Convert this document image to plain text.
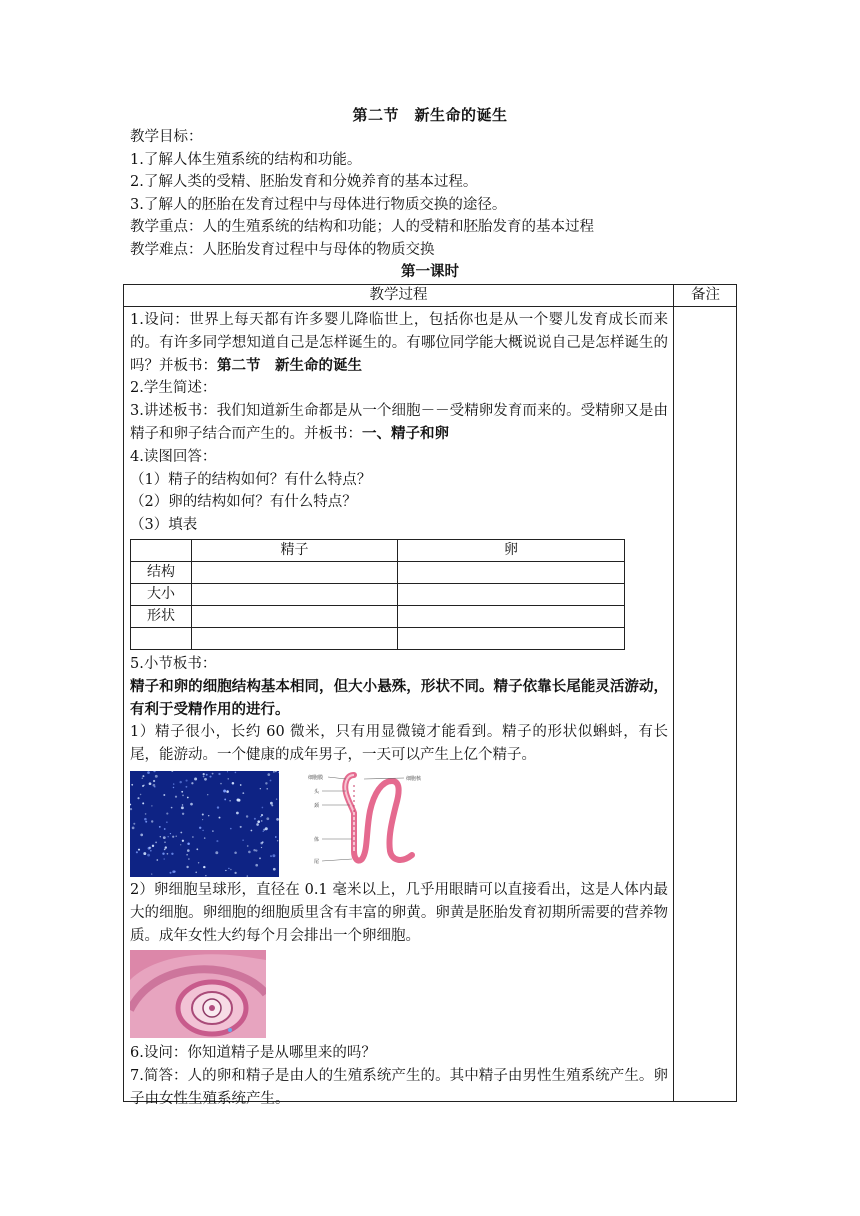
第二节　新生命的诞生
教学目标：
1.了解人体生殖系统的结构和功能。
2.了解人类的受精、胚胎发育和分娩养育的基本过程。
3.了解人的胚胎在发育过程中与母体进行物质交换的途径。
教学重点：人的生殖系统的结构和功能；人的受精和胚胎发育的基本过程
教学难点：人胚胎发育过程中与母体的物质交换
第一课时
教学过程	备注

1.设问：世界上每天都有许多婴儿降临世上，包括你也是从一个婴儿发育成长而来的。有许多同学想知道自己是怎样诞生的。有哪位同学能大概说说自己是怎样诞生的吗？并板书：第二节　新生命的诞生

2.学生简述：

3.讲述板书：我们知道新生命都是从一个细胞－－受精卵发育而来的。受精卵又是由精子和卵子结合而产生的。并板书：一、精子和卵

4.读图回答：

（1）精子的结构如何？有什么特点？

（2）卵的结构如何？有什么特点？

（3）填表

	精子	卵
结构		
大小		
形状		

5.小节板书：

精子和卵的细胞结构基本相同，但大小悬殊，形状不同。精子依靠长尾能灵活游动，有利于受精作用的进行。

1）精子很小，长约 60 微米，只有用显微镜才能看到。精子的形状似蝌蚪，有长尾，能游动。一个健康的成年男子，一天可以产生上亿个精子。

细胞膜	细胞核
头
颈
体
尾

2）卵细胞呈球形，直径在 0.1 毫米以上，几乎用眼睛可以直接看出，这是人体内最大的细胞。卵细胞的细胞质里含有丰富的卵黄。卵黄是胚胎发育初期所需要的营养物质。成年女性大约每个月会排出一个卵细胞。

6.设问：你知道精子是从哪里来的吗？

7.简答：人的卵和精子是由人的生殖系统产生的。其中精子由男性生殖系统产生。卵子由女性生殖系统产生。
